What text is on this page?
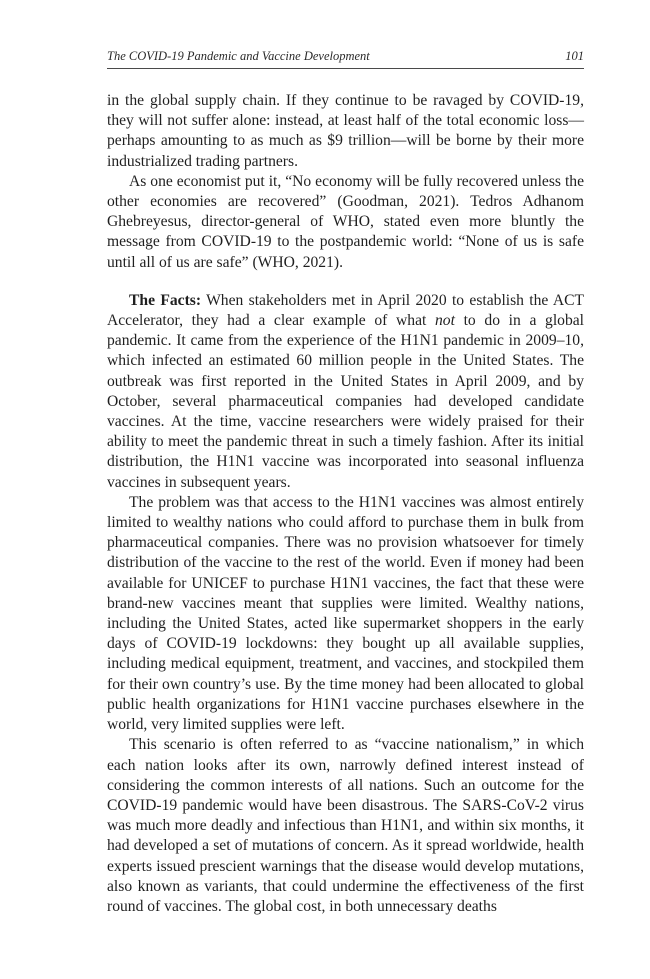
The COVID-19 Pandemic and Vaccine Development	101

in the global supply chain. If they continue to be ravaged by COVID-19, they will not suffer alone: instead, at least half of the total economic loss—perhaps amounting to as much as $9 trillion—will be borne by their more industrialized trading partners.

As one economist put it, “No economy will be fully recovered unless the other economies are recovered” (Goodman, 2021). Tedros Adhanom Ghebreyesus, director-general of WHO, stated even more bluntly the message from COVID-19 to the postpandemic world: “None of us is safe until all of us are safe” (WHO, 2021).

The Facts: When stakeholders met in April 2020 to establish the ACT Accelerator, they had a clear example of what not to do in a global pandemic. It came from the experience of the H1N1 pandemic in 2009–10, which infected an estimated 60 million people in the United States. The outbreak was first reported in the United States in April 2009, and by October, several pharmaceutical companies had developed candidate vaccines. At the time, vaccine researchers were widely praised for their ability to meet the pandemic threat in such a timely fashion. After its initial distribution, the H1N1 vaccine was incorporated into seasonal influenza vaccines in subsequent years.

The problem was that access to the H1N1 vaccines was almost entirely limited to wealthy nations who could afford to purchase them in bulk from pharmaceutical companies. There was no provision whatsoever for timely distribution of the vaccine to the rest of the world. Even if money had been available for UNICEF to purchase H1N1 vaccines, the fact that these were brand-new vaccines meant that supplies were limited. Wealthy nations, including the United States, acted like supermarket shoppers in the early days of COVID-19 lockdowns: they bought up all available supplies, including medical equipment, treatment, and vaccines, and stockpiled them for their own country’s use. By the time money had been allocated to global public health organizations for H1N1 vaccine purchases elsewhere in the world, very limited supplies were left.

This scenario is often referred to as “vaccine nationalism,” in which each nation looks after its own, narrowly defined interest instead of considering the common interests of all nations. Such an outcome for the COVID-19 pandemic would have been disastrous. The SARS-CoV-2 virus was much more deadly and infectious than H1N1, and within six months, it had developed a set of mutations of concern. As it spread worldwide, health experts issued prescient warnings that the disease would develop mutations, also known as variants, that could undermine the effectiveness of the first round of vaccines. The global cost, in both unnecessary deaths
